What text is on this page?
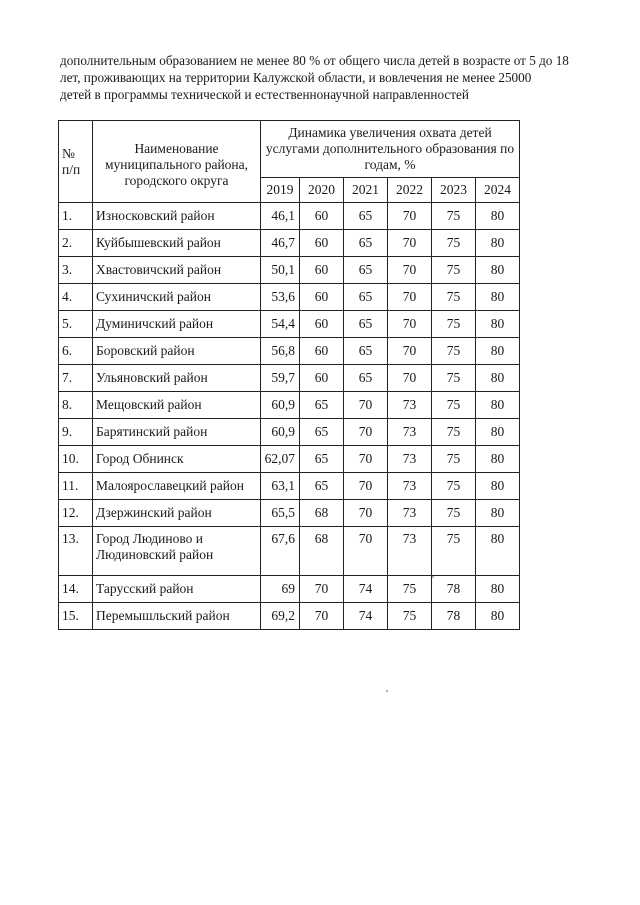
дополнительным образованием не менее 80 % от общего числа детей в возрасте от 5 до 18
лет, проживающих на территории Калужской области, и вовлечения не менее 25000
детей в программы технической и естественнонаучной направленностей
№ п/п	Наименование муниципального района, городского округа	Динамика увеличения охвата детей услугами дополнительного образования по годам, %					
		2019	2020	2021	2022	2023	2024
1.	Износковский район	46,1	60	65	70	75	80
2.	Куйбышевский район	46,7	60	65	70	75	80
3.	Хвастовичский район	50,1	60	65	70	75	80
4.	Сухиничский район	53,6	60	65	70	75	80
5.	Думиничский район	54,4	60	65	70	75	80
6.	Боровский район	56,8	60	65	70	75	80
7.	Ульяновский район	59,7	60	65	70	75	80
8.	Мещовский район	60,9	65	70	73	75	80
9.	Барятинский район	60,9	65	70	73	75	80
10.	Город Обнинск	62,07	65	70	73	75	80
11.	Малоярославецкий район	63,1	65	70	73	75	80
12.	Дзержинский район	65,5	68	70	73	75	80
13.	Город Людиново и Людиновский район	67,6	68	70	73	75	80
14.	Тарусский район	69	70	74	75	78	80
15.	Перемышльский район	69,2	70	74	75	78	80
